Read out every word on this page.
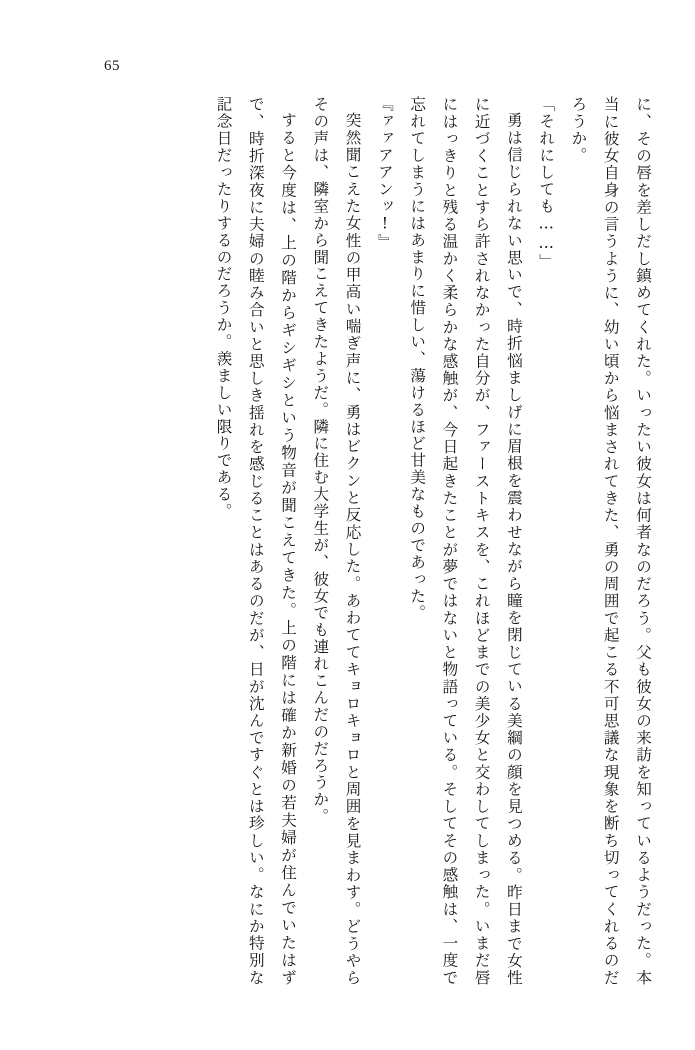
65

に、その唇を差しだし鎮めてくれた。いったい彼女は何者なのだろう。父も彼女の来訪を知っているようだった。本当に彼女自身の言うように、幼い頃から悩まされてきた、勇の周囲で起こる不可思議な現象を断ち切ってくれるのだろうか。

「それにしても……」

勇は信じられない思いで、時折悩ましげに眉根を震わせながら瞳を閉じている美綱の顔を見つめる。昨日まで女性に近づくことすら許されなかった自分が、ファーストキスを、これほどまでの美少女と交わしてしまった。いまだ唇にはっきりと残る温かく柔らかな感触が、今日起きたことが夢ではないと物語っている。そしてその感触は、一度で忘れてしまうにはあまりに惜しい、蕩けるほど甘美なものであった。

『ァァアアンッ!』

突然聞こえた女性の甲高い喘ぎ声に、勇はビクンと反応した。あわててキョロキョロと周囲を見まわす。どうやらその声は、隣室から聞こえてきたようだ。隣に住む大学生が、彼女でも連れこんだのだろうか。

すると今度は、上の階からギシギシという物音が聞こえてきた。上の階には確か新婚の若夫婦が住んでいたはずで、時折深夜に夫婦の睦み合いと思しき揺れを感じることはあるのだが、日が沈んですぐとは珍しい。なにか特別な記念日だったりするのだろうか。羨ましい限りである。
